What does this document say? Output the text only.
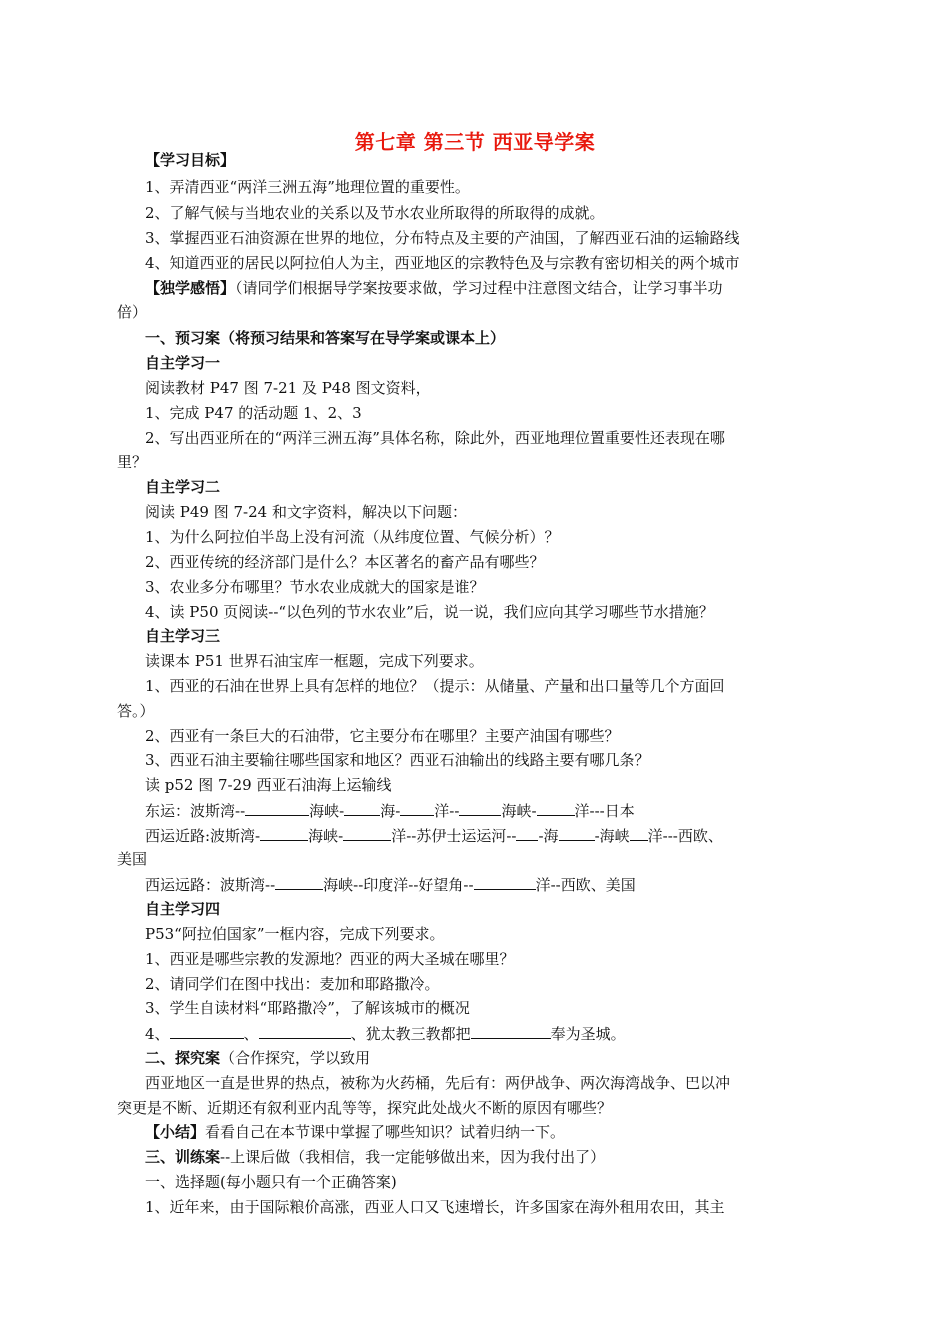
第七章 第三节 西亚导学案
【学习目标】
1、弄清西亚“两洋三洲五海”地理位置的重要性。
2、了解气候与当地农业的关系以及节水农业所取得的所取得的成就。
3、掌握西亚石油资源在世界的地位，分布特点及主要的产油国，了解西亚石油的运输路线
4、知道西亚的居民以阿拉伯人为主，西亚地区的宗教特色及与宗教有密切相关的两个城市
【独学感悟】（请同学们根据导学案按要求做，学习过程中注意图文结合，让学习事半功
倍）
一、预习案（将预习结果和答案写在导学案或课本上）
自主学习一
阅读教材 P47 图 7-21 及 P48 图文资料，
1、完成 P47 的活动题 1、2、3
2、写出西亚所在的“两洋三洲五海”具体名称，除此外，西亚地理位置重要性还表现在哪
里？
自主学习二
阅读 P49 图 7-24 和文字资料，解决以下问题：
1、为什么阿拉伯半岛上没有河流（从纬度位置、气候分析）？
2、西亚传统的经济部门是什么？本区著名的畜产品有哪些？
3、农业多分布哪里？节水农业成就大的国家是谁？
4、读 P50 页阅读--“以色列的节水农业”后，说一说，我们应向其学习哪些节水措施？
自主学习三
读课本 P51 世界石油宝库一框题，完成下列要求。
1、西亚的石油在世界上具有怎样的地位？（提示：从储量、产量和出口量等几个方面回
答。）
2、西亚有一条巨大的石油带，它主要分布在哪里？主要产油国有哪些？
3、西亚石油主要输往哪些国家和地区？西亚石油输出的线路主要有哪几条？
读 p52 图 7-29 西亚石油海上运输线
东运：波斯湾--	海峡- 海- 洋--	海峡-	洋---日本
西运近路:波斯湾-	海峡-	洋--苏伊士运运河-- -海 -海峡 洋---西欧、
美国
西运远路：波斯湾--	海峡--印度洋--好望角--	洋--西欧、美国
自主学习四
P53“阿拉伯国家”一框内容，完成下列要求。
1、西亚是哪些宗教的发源地？西亚的两大圣城在哪里？
2、请同学们在图中找出：麦加和耶路撒冷。
3、学生自读材料“耶路撒冷”，了解该城市的概况
4、	、	、犹太教三教都把	奉为圣城。
二、探究案（合作探究，学以致用
西亚地区一直是世界的热点，被称为火药桶，先后有：两伊战争、两次海湾战争、巴以冲
突更是不断、近期还有叙利亚内乱等等，探究此处战火不断的原因有哪些？
【小结】看看自己在本节课中掌握了哪些知识？试着归纳一下。
三、训练案--上课后做（我相信，我一定能够做出来，因为我付出了）
一、选择题(每小题只有一个正确答案)
1、近年来，由于国际粮价高涨，西亚人口又飞速增长，许多国家在海外租用农田，其主
